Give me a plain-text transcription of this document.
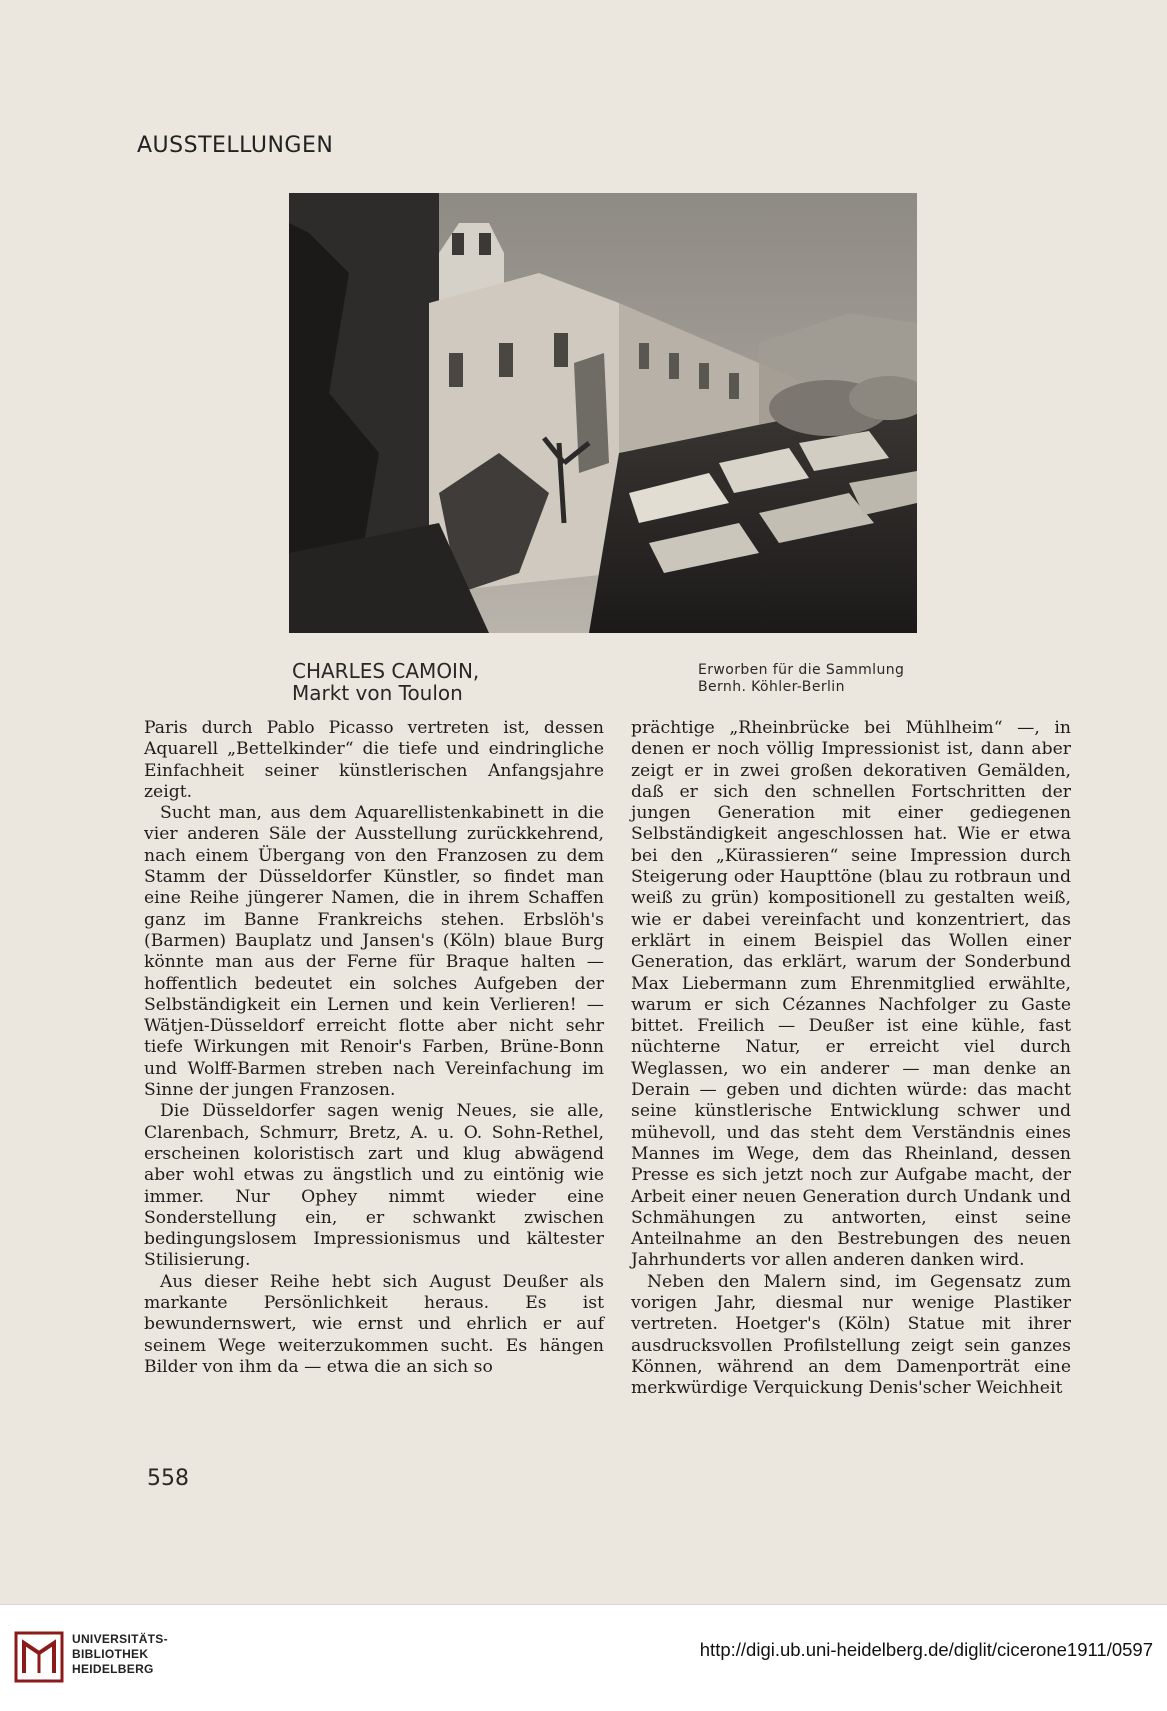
AUSSTELLUNGEN
CHARLES CAMOIN,
Markt von Toulon
Erworben für die Sammlung
Bernh. Köhler-Berlin

Paris durch Pablo Picasso vertreten ist, dessen Aquarell „Bettelkinder“ die tiefe und eindringliche Einfachheit seiner künstlerischen Anfangsjahre zeigt.

Sucht man, aus dem Aquarellistenkabinett in die vier anderen Säle der Ausstellung zurückkehrend, nach einem Übergang von den Franzosen zu dem Stamm der Düsseldorfer Künstler, so findet man eine Reihe jüngerer Namen, die in ihrem Schaffen ganz im Banne Frankreichs stehen. Erbslöh's (Barmen) Bauplatz und Jansen's (Köln) blaue Burg könnte man aus der Ferne für Braque halten — hoffentlich bedeutet ein solches Aufgeben der Selbständigkeit ein Lernen und kein Verlieren! — Wätjen-Düsseldorf erreicht flotte aber nicht sehr tiefe Wirkungen mit Renoir's Farben, Brüne-Bonn und Wolff-Barmen streben nach Vereinfachung im Sinne der jungen Franzosen.

Die Düsseldorfer sagen wenig Neues, sie alle, Clarenbach, Schmurr, Bretz, A. u. O. Sohn-Rethel, erscheinen koloristisch zart und klug abwägend aber wohl etwas zu ängstlich und zu eintönig wie immer. Nur Ophey nimmt wieder eine Sonderstellung ein, er schwankt zwischen bedingungslosem Impressionismus und kältester Stilisierung.

Aus dieser Reihe hebt sich August Deußer als markante Persönlichkeit heraus. Es ist bewundernswert, wie ernst und ehrlich er auf seinem Wege weiterzukommen sucht. Es hängen Bilder von ihm da — etwa die an sich so

prächtige „Rheinbrücke bei Mühlheim“ —, in denen er noch völlig Impressionist ist, dann aber zeigt er in zwei großen dekorativen Gemälden, daß er sich den schnellen Fortschritten der jungen Generation mit einer gediegenen Selbständigkeit angeschlossen hat. Wie er etwa bei den „Kürassieren“ seine Impression durch Steigerung oder Haupttöne (blau zu rotbraun und weiß zu grün) kompositionell zu gestalten weiß, wie er dabei vereinfacht und konzentriert, das erklärt in einem Beispiel das Wollen einer Generation, das erklärt, warum der Sonderbund Max Liebermann zum Ehrenmitglied erwählte, warum er sich Cézannes Nachfolger zu Gaste bittet. Freilich — Deußer ist eine kühle, fast nüchterne Natur, er erreicht viel durch Weglassen, wo ein anderer — man denke an Derain — geben und dichten würde: das macht seine künstlerische Entwicklung schwer und mühevoll, und das steht dem Verständnis eines Mannes im Wege, dem das Rheinland, dessen Presse es sich jetzt noch zur Aufgabe macht, der Arbeit einer neuen Generation durch Undank und Schmähungen zu antworten, einst seine Anteilnahme an den Bestrebungen des neuen Jahrhunderts vor allen anderen danken wird.

Neben den Malern sind, im Gegensatz zum vorigen Jahr, diesmal nur wenige Plastiker vertreten. Hoetger's (Köln) Statue mit ihrer ausdrucksvollen Profilstellung zeigt sein ganzes Können, während an dem Damenporträt eine merkwürdige Verquickung Denis'scher Weichheit

558
UNIVERSITÄTS-
BIBLIOTHEK
HEIDELBERG
http://digi.ub.uni-heidelberg.de/diglit/cicerone1911/0597
